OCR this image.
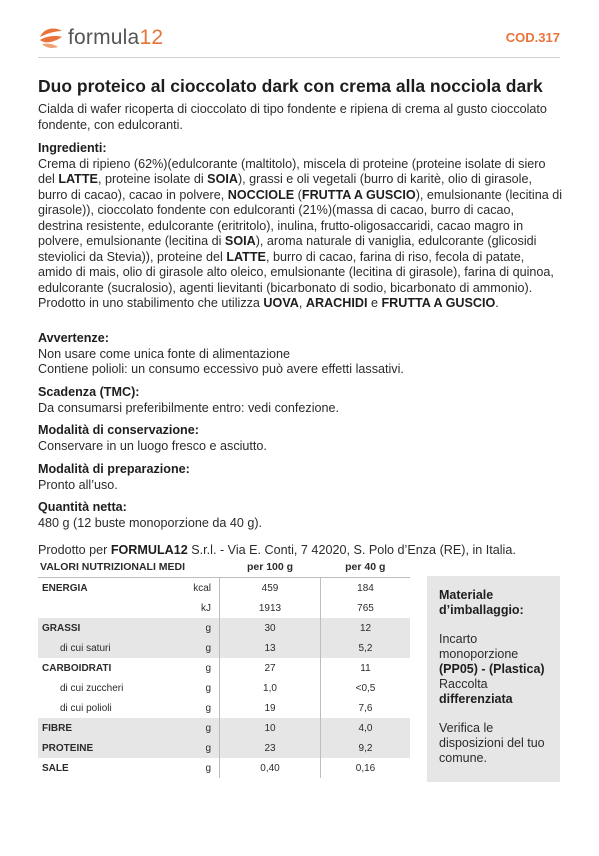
formula12	COD.317
Duo proteico al cioccolato dark con crema alla nocciola dark
Cialda di wafer ricoperta di cioccolato di tipo fondente e ripiena di crema al gusto cioccolato fondente, con edulcoranti.
Ingredienti:
Crema di ripieno (62%)(edulcorante (maltitolo), miscela di proteine (proteine isolate di siero del LATTE, proteine isolate di SOIA), grassi e oli vegetali (burro di karitè, olio di girasole, burro di cacao), cacao in polvere, NOCCIOLE (FRUTTA A GUSCIO), emulsionante (lecitina di girasole)), cioccolato fondente con edulcoranti (21%)(massa di cacao, burro di cacao, destrina resistente, edulcorante (eritritolo), inulina, frutto-oligosaccaridi, cacao magro in polvere, emulsionante (lecitina di SOIA), aroma naturale di vaniglia, edulcorante (glicosidi steviolici da Stevia)), proteine del LATTE, burro di cacao, farina di riso, fecola di patate, amido di mais, olio di girasole alto oleico, emulsionante (lecitina di girasole), farina di quinoa, edulcorante (sucralosio), agenti lievitanti (bicarbonato di sodio, bicarbonato di ammonio).
Prodotto in uno stabilimento che utilizza UOVA, ARACHIDI e FRUTTA A GUSCIO.
Avvertenze:
Non usare come unica fonte di alimentazione
Contiene polioli: un consumo eccessivo può avere effetti lassativi.
Scadenza (TMC):
Da consumarsi preferibilmente entro: vedi confezione.
Modalità di conservazione:
Conservare in un luogo fresco e asciutto.
Modalità di preparazione:
Pronto all’uso.
Quantità netta:
480 g (12 buste monoporzione da 40 g).
Prodotto per FORMULA12 S.r.l. - Via E. Conti, 7 42020, S. Polo d’Enza (RE), in Italia.
VALORI NUTRIZIONALI MEDI		per 100 g	per 40 g
ENERGIA	kcal	459	184
	kJ	1913	765
GRASSI	g	30	12
di cui saturi	g	13	5,2
CARBOIDRATI	g	27	11
di cui zuccheri	g	1,0	<0,5
di cui polioli	g	19	7,6
FIBRE	g	10	4,0
PROTEINE	g	23	9,2
SALE	g	0,40	0,16

Materiale d’imballaggio:

Incarto monoporzione

(PP05) - (Plastica)

Raccolta

differenziata

Verifica le disposizioni del tuo comune.
